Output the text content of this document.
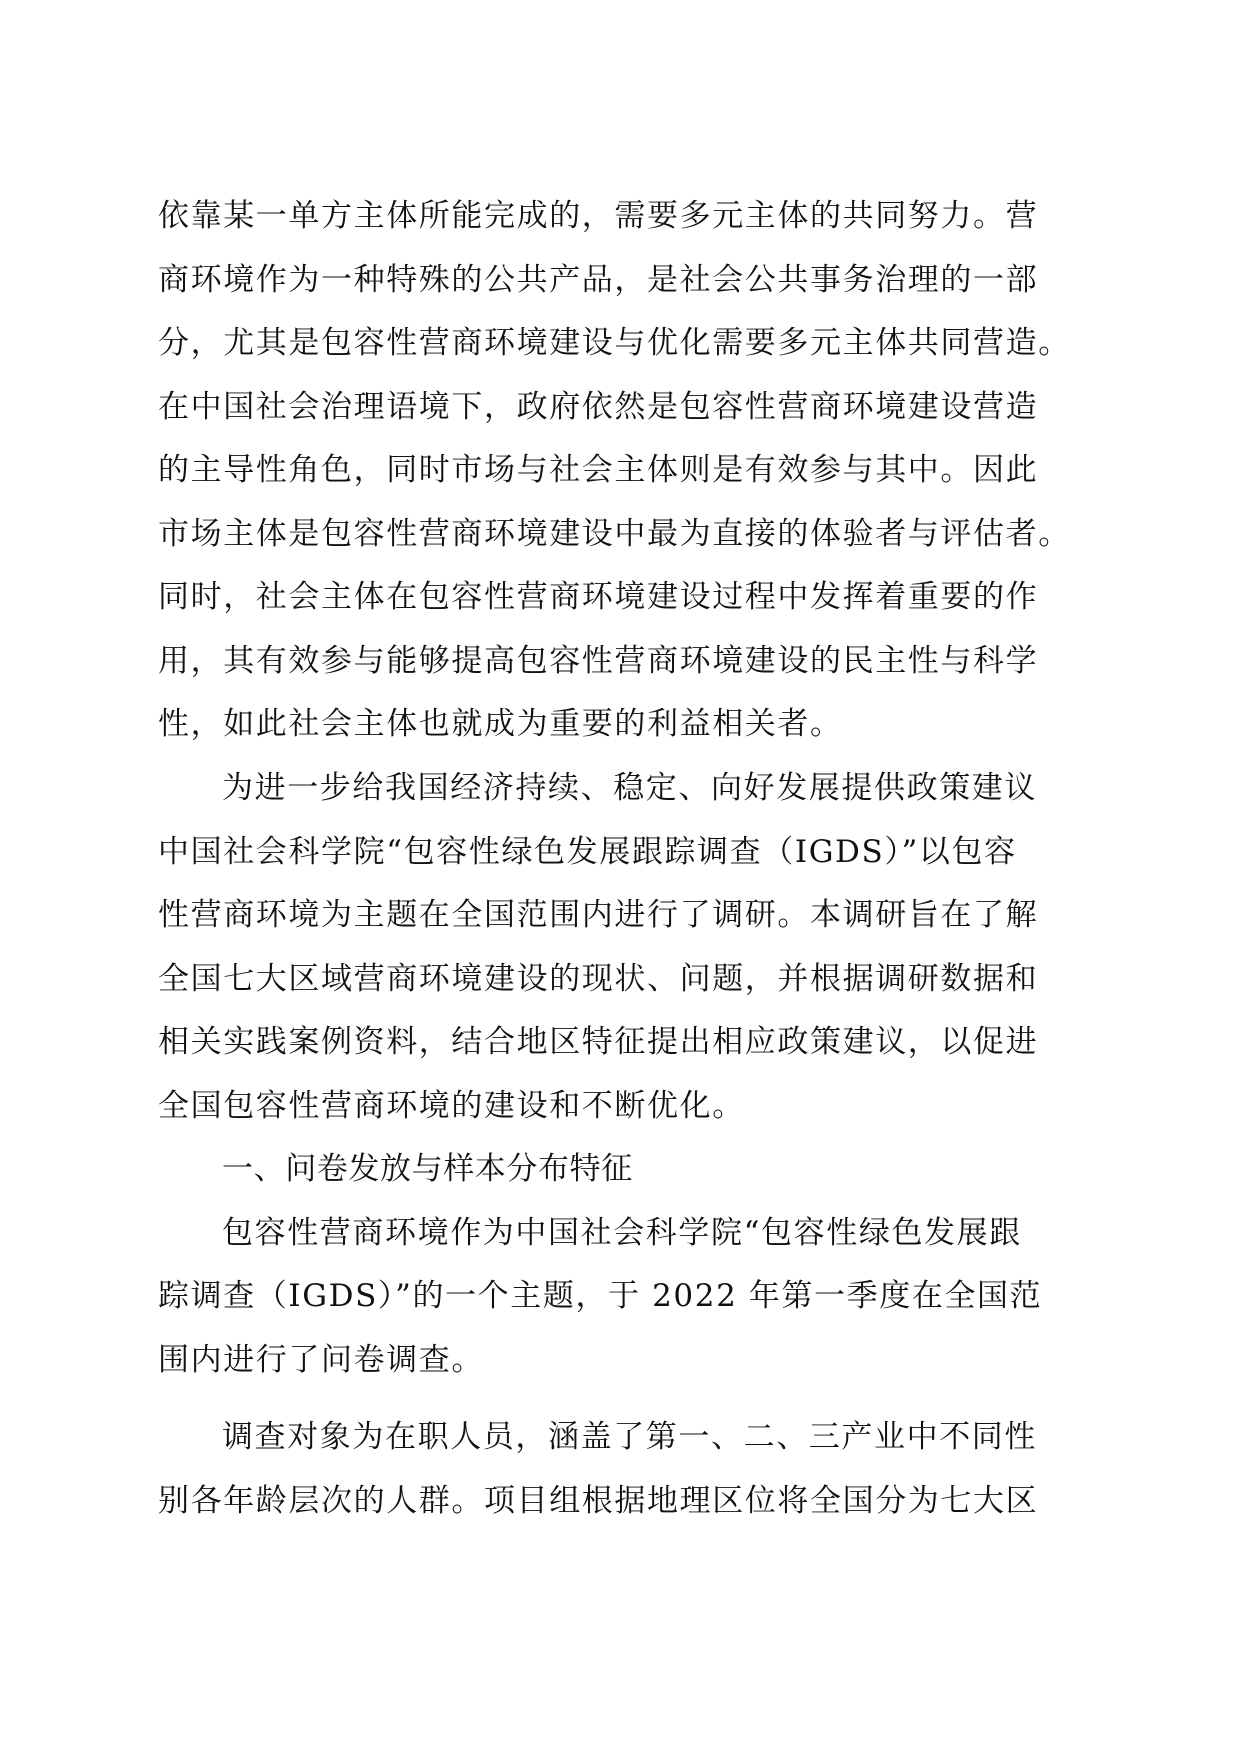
依靠某一单方主体所能完成的，需要多元主体的共同努力。营
商环境作为一种特殊的公共产品，是社会公共事务治理的一部
分，尤其是包容性营商环境建设与优化需要多元主体共同营造。
在中国社会治理语境下，政府依然是包容性营商环境建设营造
的主导性角色，同时市场与社会主体则是有效参与其中。因此
市场主体是包容性营商环境建设中最为直接的体验者与评估者。
同时，社会主体在包容性营商环境建设过程中发挥着重要的作
用，其有效参与能够提高包容性营商环境建设的民主性与科学
性，如此社会主体也就成为重要的利益相关者。
为进一步给我国经济持续、稳定、向好发展提供政策建议
中国社会科学院“包容性绿色发展跟踪调查（IGDS）”以包容
性营商环境为主题在全国范围内进行了调研。本调研旨在了解
全国七大区域营商环境建设的现状、问题，并根据调研数据和
相关实践案例资料，结合地区特征提出相应政策建议，以促进
全国包容性营商环境的建设和不断优化。
一、问卷发放与样本分布特征
包容性营商环境作为中国社会科学院“包容性绿色发展跟
踪调查（IGDS）”的一个主题，于 2022 年第一季度在全国范
围内进行了问卷调查。
调查对象为在职人员，涵盖了第一、二、三产业中不同性
别各年龄层次的人群。项目组根据地理区位将全国分为七大区
